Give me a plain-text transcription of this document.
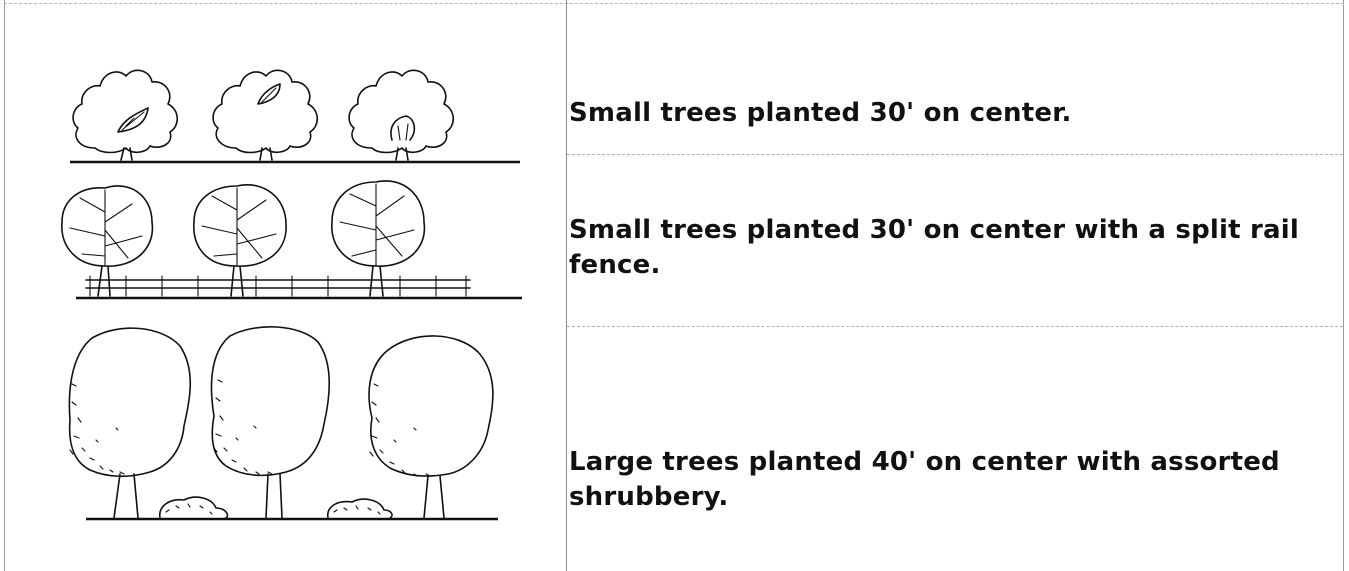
Small trees planted 30' on center.
Small trees planted 30' on center with a split rail fence.
Large trees planted 40' on center with assorted shrubbery.
